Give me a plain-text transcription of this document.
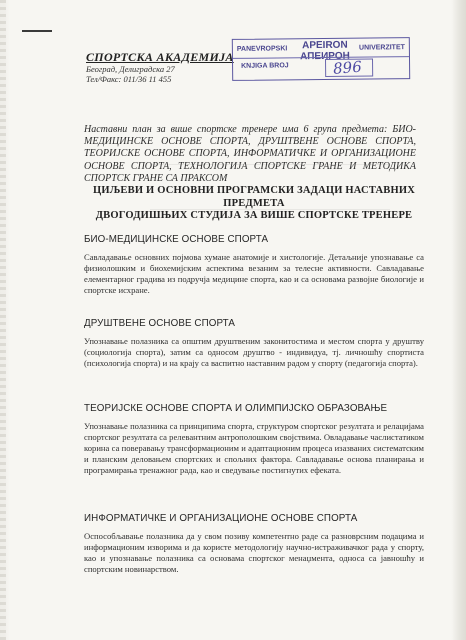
СПОРТСКА АКАДЕМИЈА
Београд, Делиградска 27
Тел/Факс: 011/36 11 455
PANEVROPSKI	UNIVERZITET
APEIRON
АПЕИРОН
KNJIGA BROJ	896
Наставни план за више спортске тренере има 6 група предмета: БИО-МЕДИЦИНСКЕ ОСНОВЕ СПОРТА, ДРУШТВЕНЕ ОСНОВЕ СПОРТА, ТЕОРИЈСКЕ ОСНОВЕ СПОРТА, ИНФОРМАТИЧКЕ И ОРГАНИЗАЦИОНЕ ОСНОВЕ СПОРТА, ТЕХНОЛОГИЈА СПОРТСКЕ ГРАНЕ И МЕТОДИКА СПОРТСК ГРАНЕ СА ПРАКСОМ
ЦИЉЕВИ И ОСНОВНИ ПРОГРАМСКИ ЗАДАЦИ НАСТАВНИХ ПРЕДМЕТА
ДВОГОДИШЊИХ СТУДИЈА ЗА ВИШЕ СПОРТСКЕ ТРЕНЕРЕ
БИО-МЕДИЦИНСКЕ ОСНОВЕ СПОРТА

Савладавање основних појмова хумане анатомије и хистологије. Детаљније упознавање са физиолошким и биохемијским аспектима везаним за телесне активности. Савладавање елементарног градива из подручја медицине спорта, као и са основама развојне биологије и спортске исхране.

ДРУШТВЕНЕ ОСНОВЕ СПОРТА

Упознавање полазника са општим друштвеним законитостима и местом спорта у друштву (социологија спорта), затим са односом друштво - индивидуа, тј. личношћу спортиста (психологија спорта) и на крају са васпитно наставним радом у спорту (педагогија спорта).

ТЕОРИЈСКЕ ОСНОВЕ СПОРТА И ОЛИМПИЈСКО ОБРАЗОВАЊЕ

Упознавање полазника са принципима спорта, структуром спортског резултата и релацијама спортског резултата са релевантним антрополошким својствима. Овладавање часлистатиком корина са поверавању трансформационим и адаптационим процеса изазваних систематским и планским деловањем спортских и спољних фактора. Савладавање основа планирања и програмирања тренажног рада, као и сведување постигнутих ефеката.

ИНФОРМАТИЧКЕ И ОРГАНИЗАЦИОНЕ ОСНОВЕ СПОРТА

Оспособљавање полазника да у свом позиву компетентно раде са разноврсним подацима и информационим изворима и да користе методологију научно-истраживачког рада у спорту, као и упознавање полазника са основама спортског менаџмента, односа са јавношћу и спортским новинарством.
